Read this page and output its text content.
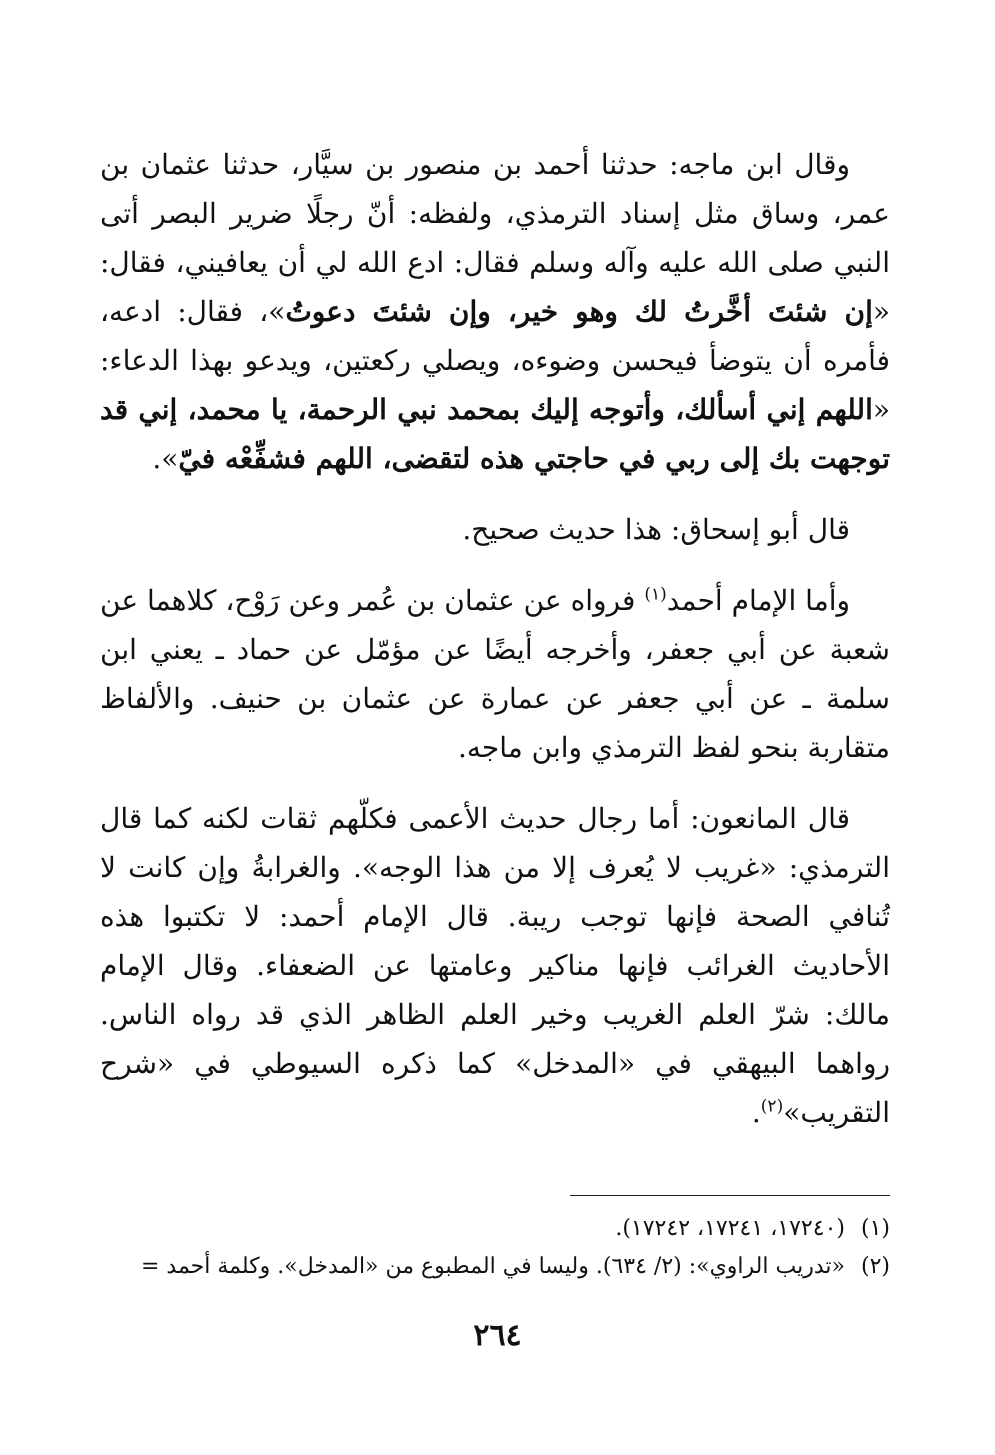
وقال ابن ماجه: حدثنا أحمد بن منصور بن سيَّار، حدثنا عثمان بن عمر، وساق مثل إسناد الترمذي، ولفظه: أنّ رجلًا ضرير البصر أتى النبي صلى الله عليه وآله وسلم فقال: ادع الله لي أن يعافيني، فقال: «إن شئتَ أخَّرتُ لك وهو خير، وإن شئتَ دعوتُ»، فقال: ادعه، فأمره أن يتوضأ فيحسن وضوءه، ويصلي ركعتين، ويدعو بهذا الدعاء: «اللهم إني أسألك، وأتوجه إليك بمحمد نبي الرحمة، يا محمد، إني قد توجهت بك إلى ربي في حاجتي هذه لتقضى، اللهم فشفِّعْه فيّ».

قال أبو إسحاق: هذا حديث صحيح.

وأما الإمام أحمد$^{(١)}$ فرواه عن عثمان بن عُمر وعن رَوْح، كلاهما عن شعبة عن أبي جعفر، وأخرجه أيضًا عن مؤمّل عن حماد ـ يعني ابن سلمة ـ عن أبي جعفر عن عمارة عن عثمان بن حنيف. والألفاظ متقاربة بنحو لفظ الترمذي وابن ماجه.

قال المانعون: أما رجال حديث الأعمى فكلّهم ثقات لكنه كما قال الترمذي: «غريب لا يُعرف إلا من هذا الوجه». والغرابةُ وإن كانت لا تُنافي الصحة فإنها توجب ريبة. قال الإمام أحمد: لا تكتبوا هذه الأحاديث الغرائب فإنها مناكير وعامتها عن الضعفاء. وقال الإمام مالك: شرّ العلم الغريب وخير العلم الظاهر الذي قد رواه الناس. رواهما البيهقي في «المدخل» كما ذكره السيوطي في «شرح التقريب»$^{(٢)}$.

(١)(١٧٢٤٠، ١٧٢٤١، ١٧٢٤٢).

(٢)«تدريب الراوي»: (٢/ ٦٣٤). وليسا في المطبوع من «المدخل». وكلمة أحمد =

٢٦٤
